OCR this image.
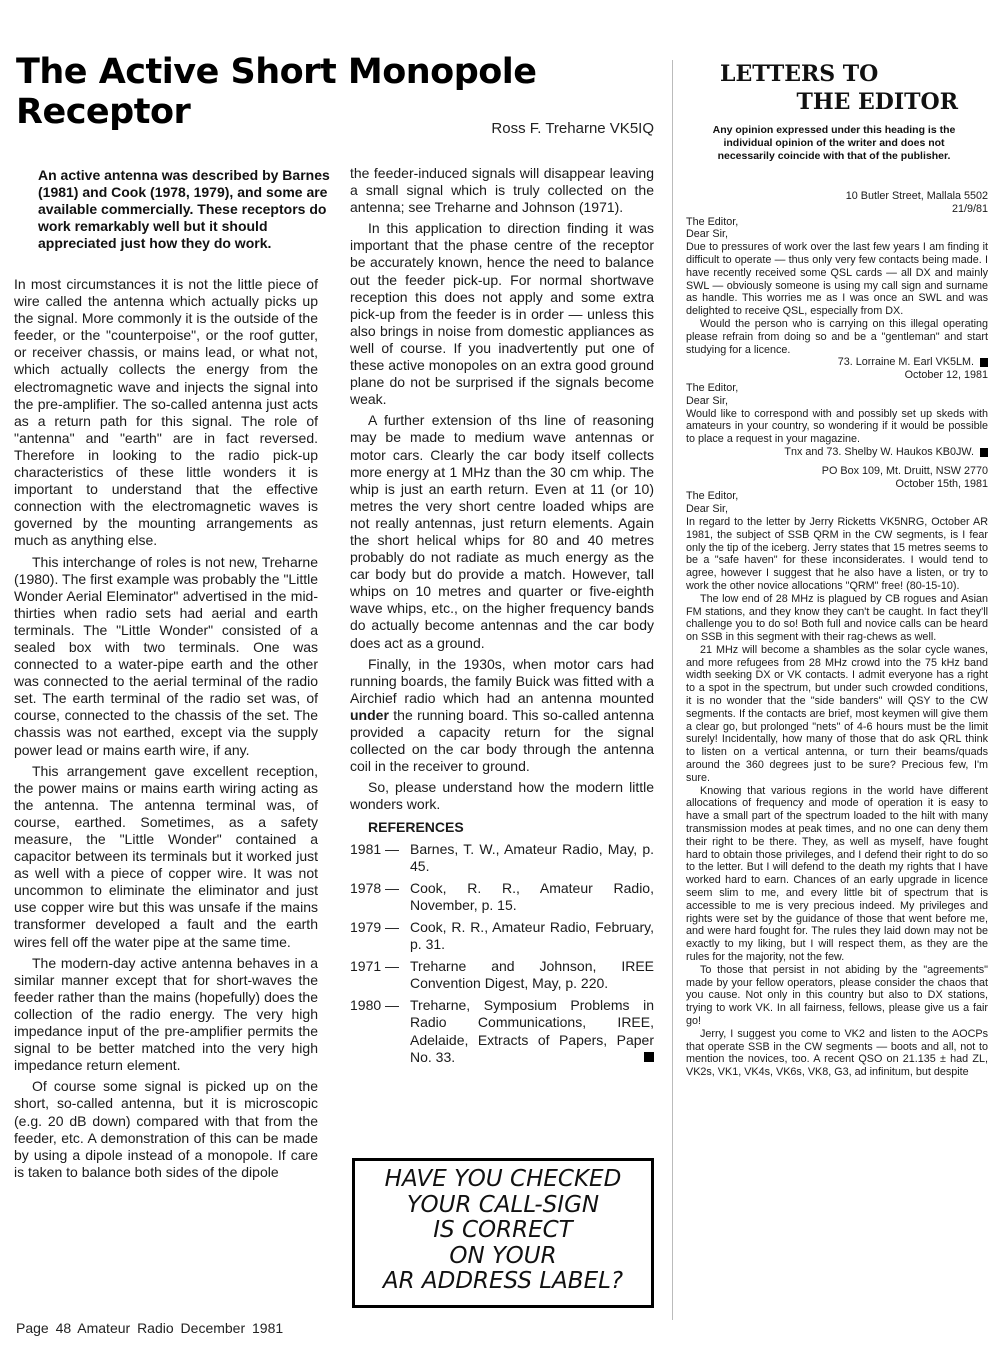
The Active Short Monopole Receptor	Ross F. Treharne VK5IQ
An active antenna was described by Barnes (1981) and Cook (1978, 1979), and some are available commercially. These receptors do work remarkably well but it should appreciated just how they do work.

In most circumstances it is not the little piece of wire called the antenna which actually picks up the signal. More commonly it is the outside of the feeder, or the "counterpoise", or the roof gutter, or receiver chassis, or mains lead, or what not, which actually collects the energy from the electromagnetic wave and injects the signal into the pre-amplifier. The so-called antenna just acts as a return path for this signal. The role of "antenna" and "earth" are in fact reversed. Therefore in looking to the radio pick-up characteristics of these little wonders it is important to understand that the effective connection with the electromagnetic waves is governed by the mounting arrangements as much as anything else.

This interchange of roles is not new, Treharne (1980). The first example was probably the "Little Wonder Aerial Eleminator" advertised in the mid-thirties when radio sets had aerial and earth terminals. The "Little Wonder" consisted of a sealed box with two terminals. One was connected to a water-pipe earth and the other was connected to the aerial terminal of the radio set. The earth terminal of the radio set was, of course, connected to the chassis of the set. The chassis was not earthed, except via the supply power lead or mains earth wire, if any.

This arrangement gave excellent reception, the power mains or mains earth wiring acting as the antenna. The antenna terminal was, of course, earthed. Sometimes, as a safety measure, the "Little Wonder" contained a capacitor between its terminals but it worked just as well with a piece of copper wire. It was not uncommon to eliminate the eliminator and just use copper wire but this was unsafe if the mains transformer developed a fault and the earth wires fell off the water pipe at the same time.

The modern-day active antenna behaves in a similar manner except that for short-waves the feeder rather than the mains (hopefully) does the collection of the radio energy. The very high impedance input of the pre-amplifier permits the signal to be better matched into the very high impedance return element.

Of course some signal is picked up on the short, so-called antenna, but it is microscopic (e.g. 20 dB down) compared with that from the feeder, etc. A demonstration of this can be made by using a dipole instead of a monopole. If care is taken to balance both sides of the dipole

the feeder-induced signals will disappear leaving a small signal which is truly collected on the antenna; see Treharne and Johnson (1971).

In this application to direction finding it was important that the phase centre of the receptor be accurately known, hence the need to balance out the feeder pick-up. For normal shortwave reception this does not apply and some extra pick-up from the feeder is in order — unless this also brings in noise from domestic appliances as well of course. If you inadvertently put one of these active monopoles on an extra good ground plane do not be surprised if the signals become weak.

A further extension of ths line of reasoning may be made to medium wave antennas or motor cars. Clearly the car body itself collects more energy at 1 MHz than the 30 cm whip. The whip is just an earth return. Even at 11 (or 10) metres the very short centre loaded whips are not really antennas, just return elements. Again the short helical whips for 80 and 40 metres probably do not radiate as much energy as the car body but do provide a match. However, tall whips on 10 metres and quarter or five-eighth wave whips, etc., on the higher frequency bands do actually become antennas and the car body does act as a ground.

Finally, in the 1930s, when motor cars had running boards, the family Buick was fitted with a Airchief radio which had an antenna mounted under the running board. This so-called antenna provided a capacity return for the signal collected on the car body through the antenna coil in the receiver to ground.

So, please understand how the modern little wonders work.

REFERENCES

1981 — Barnes, T. W., Amateur Radio, May, p. 45.
1978 — Cook, R. R., Amateur Radio, November, p. 15.
1979 — Cook, R. R., Amateur Radio, February, p. 31.
1971 — Treharne and Johnson, IREE Convention Digest, May, p. 220.
1980 — Treharne, Symposium Problems in Radio Communications, IREE, Adelaide, Extracts of Papers, Paper No. 33.
HAVE YOU CHECKED
YOUR CALL-SIGN
IS CORRECT
ON YOUR
AR ADDRESS LABEL?
Page 48 Amateur Radio December 1981
LETTERS TO
THE EDITOR
Any opinion expressed under this heading is the individual opinion of the writer and does not necessarily coincide with that of the publisher.
10 Butler Street, Mallala 5502
21/9/81
The Editor,
Dear Sir,
Due to pressures of work over the last few years I am finding it difficult to operate — thus only very few contacts being made. I have recently received some QSL cards — all DX and mainly SWL — obviously someone is using my call sign and surname as handle. This worries me as I was once an SWL and was delighted to receive QSL, especially from DX.
Would the person who is carrying on this illegal operating please refrain from doing so and be a "gentleman" and start studying for a licence.
73. Lorraine M. Earl VK5LM.
October 12, 1981
The Editor,
Dear Sir,
Would like to correspond with and possibly set up skeds with amateurs in your country, so wondering if it would be possible to place a request in your magazine.
Tnx and 73. Shelby W. Haukos KB0JW.
PO Box 109, Mt. Druitt, NSW 2770
October 15th, 1981
The Editor,
Dear Sir,
In regard to the letter by Jerry Ricketts VK5NRG, October AR 1981, the subject of SSB QRM in the CW segments, is I fear only the tip of the iceberg. Jerry states that 15 metres seems to be a "safe haven" for these inconsiderates. I would tend to agree, however I suggest that he also have a listen, or try to work the other novice allocations "QRM" free! (80-15-10).
The low end of 28 MHz is plagued by CB rogues and Asian FM stations, and they know they can't be caught. In fact they'll challenge you to do so! Both full and novice calls can be heard on SSB in this segment with their rag-chews as well.
21 MHz will become a shambles as the solar cycle wanes, and more refugees from 28 MHz crowd into the 75 kHz band width seeking DX or VK contacts. I admit everyone has a right to a spot in the spectrum, but under such crowded conditions, it is no wonder that the "side banders" will QSY to the CW segments. If the contacts are brief, most keymen will give them a clear go, but prolonged "nets" of 4-6 hours must be the limit surely! Incidentally, how many of those that do ask QRL think to listen on a vertical antenna, or turn their beams/quads around the 360 degrees just to be sure? Precious few, I'm sure.
Knowing that various regions in the world have different allocations of frequency and mode of operation it is easy to have a small part of the spectrum loaded to the hilt with many transmission modes at peak times, and no one can deny them their right to be there. They, as well as myself, have fought hard to obtain those privileges, and I defend their right to do so to the letter. But I will defend to the death my rights that I have worked hard to earn. Chances of an early upgrade in licence seem slim to me, and every little bit of spectrum that is accessible to me is very precious indeed. My privileges and rights were set by the guidance of those that went before me, and were hard fought for. The rules they laid down may not be exactly to my liking, but I will respect them, as they are the rules for the majority, not the few.
To those that persist in not abiding by the "agreements" made by your fellow operators, please consider the chaos that you cause. Not only in this country but also to DX stations, trying to work VK. In all fairness, fellows, please give us a fair go!
Jerry, I suggest you come to VK2 and listen to the AOCPs that operate SSB in the CW segments — boots and all, not to mention the novices, too. A recent QSO on 21.135 ± had ZL, VK2s, VK1, VK4s, VK6s, VK8, G3, ad infinitum, but despite
